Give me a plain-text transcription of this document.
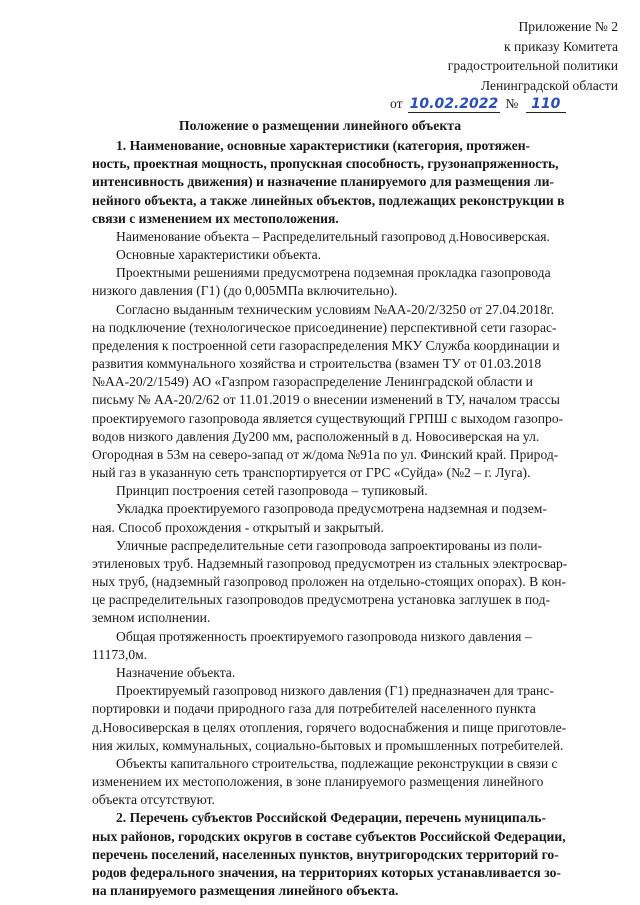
Приложение № 2
к приказу Комитета
градостроительной политики
Ленинградской области
от 10.02.2022 № 110
Положение о размещении линейного объекта
1. Наименование, основные характеристики (категория, протяжен-
ность, проектная мощность, пропускная способность, грузонапряженность,
интенсивность движения) и назначение планируемого для размещения ли-
нейного объекта, а также линейных объектов, подлежащих реконструкции в
связи с изменением их местоположения.
Наименование объекта – Распределительный газопровод д.Новосиверская.
Основные характеристики объекта.
Проектными решениями предусмотрена подземная прокладка газопровода
низкого давления (Г1) (до 0,005МПа включительно).
Согласно выданным техническим условиям №АА-20/2/3250 от 27.04.2018г.
на подключение (технологическое присоединение) перспективной сети газорас-
пределения к построенной сети газораспределения МКУ Служба координации и
развития коммунального хозяйства и строительства (взамен ТУ от 01.03.2018
№АА-20/2/1549) АО «Газпром газораспределение Ленинградской области и
письму № АА-20/2/62 от 11.01.2019 о внесении изменений в ТУ, началом трассы
проектируемого газопровода является существующий ГРПШ с выходом газопро-
водов низкого давления Ду200 мм, расположенный в д. Новосиверская на ул.
Огородная в 53м на северо-запад от ж/дома №91а по ул. Финский край. Природ-
ный газ в указанную сеть транспортируется от ГРС «Суйда» (№2 – г. Луга).
Принцип построения сетей газопровода – тупиковый.
Укладка проектируемого газопровода предусмотрена надземная и подзем-
ная. Способ прохождения - открытый и закрытый.
Уличные распределительные сети газопровода запроектированы из поли-
этиленовых труб. Надземный газопровод предусмотрен из стальных электросвар-
ных труб, (надземный газопровод проложен на отдельно-стоящих опорах). В кон-
це распределительных газопроводов предусмотрена установка заглушек в под-
земном исполнении.
Общая протяженность проектируемого газопровода низкого давления –
11173,0м.
Назначение объекта.
Проектируемый газопровод низкого давления (Г1) предназначен для транс-
портировки и подачи природного газа для потребителей населенного пункта
д.Новосиверская в целях отопления, горячего водоснабжения и пище приготовле-
ния жилых, коммунальных, социально-бытовых и промышленных потребителей.
Объекты капитального строительства, подлежащие реконструкции в связи с
изменением их местоположения, в зоне планируемого размещения линейного
объекта отсутствуют.
2. Перечень субъектов Российской Федерации, перечень муниципаль-
ных районов, городских округов в составе субъектов Российской Федерации,
перечень поселений, населенных пунктов, внутригородских территорий го-
родов федерального значения, на территориях которых устанавливается зо-
на планируемого размещения линейного объекта.
